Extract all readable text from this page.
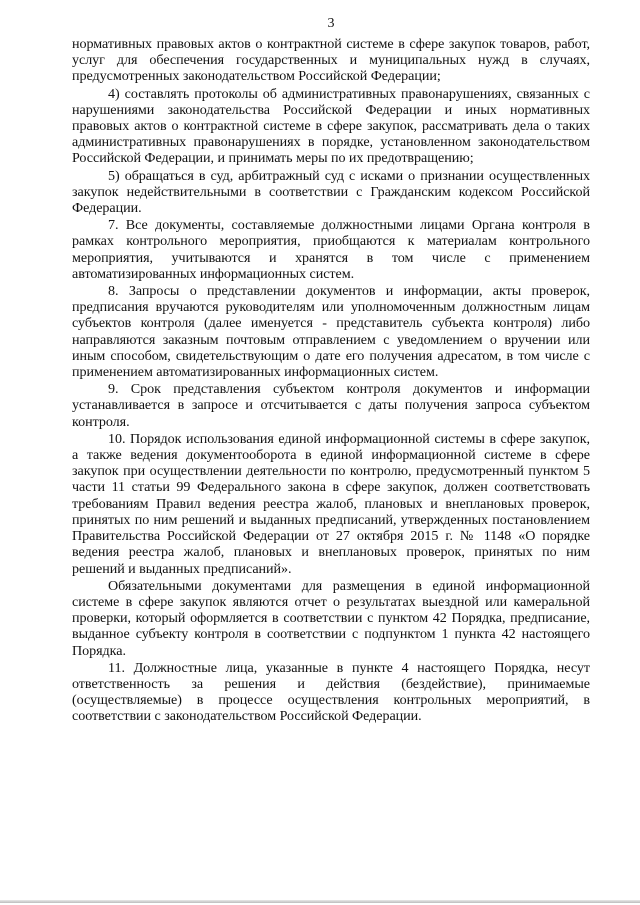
3

нормативных правовых актов о контрактной системе в сфере закупок товаров, работ, услуг для обеспечения государственных и муниципальных нужд в случаях, предусмотренных законодательством Российской Федерации;

4) составлять протоколы об административных правонарушениях, связанных с нарушениями законодательства Российской Федерации и иных нормативных правовых актов о контрактной системе в сфере закупок, рассматривать дела о таких административных правонарушениях в порядке, установленном законодательством Российской Федерации, и принимать меры по их предотвращению;

5) обращаться в суд, арбитражный суд с исками о признании осуществленных закупок недействительными в соответствии с Гражданским кодексом Российской Федерации.

7. Все документы, составляемые должностными лицами Органа контроля в рамках контрольного мероприятия, приобщаются к материалам контрольного мероприятия, учитываются и хранятся в том числе с применением автоматизированных информационных систем.

8. Запросы о представлении документов и информации, акты проверок, предписания вручаются руководителям или уполномоченным должностным лицам субъектов контроля (далее именуется - представитель субъекта контроля) либо направляются заказным почтовым отправлением с уведомлением о вручении или иным способом, свидетельствующим о дате его получения адресатом, в том числе с применением автоматизированных информационных систем.

9. Срок представления субъектом контроля документов и информации устанавливается в запросе и отсчитывается с даты получения запроса субъектом контроля.

10. Порядок использования единой информационной системы в сфере закупок, а также ведения документооборота в единой информационной системе в сфере закупок при осуществлении деятельности по контролю, предусмотренный пунктом 5 части 11 статьи 99 Федерального закона в сфере закупок, должен соответствовать требованиям Правил ведения реестра жалоб, плановых и внеплановых проверок, принятых по ним решений и выданных предписаний, утвержденных постановлением Правительства Российской Федерации от 27 октября 2015 г. № 1148 «О порядке ведения реестра жалоб, плановых и внеплановых проверок, принятых по ним решений и выданных предписаний».

Обязательными документами для размещения в единой информационной системе в сфере закупок являются отчет о результатах выездной или камеральной проверки, который оформляется в соответствии с пунктом 42 Порядка, предписание, выданное субъекту контроля в соответствии с подпунктом 1 пункта 42 настоящего Порядка.

11. Должностные лица, указанные в пункте 4 настоящего Порядка, несут ответственность за решения и действия (бездействие), принимаемые (осуществляемые) в процессе осуществления контрольных мероприятий, в соответствии с законодательством Российской Федерации.
